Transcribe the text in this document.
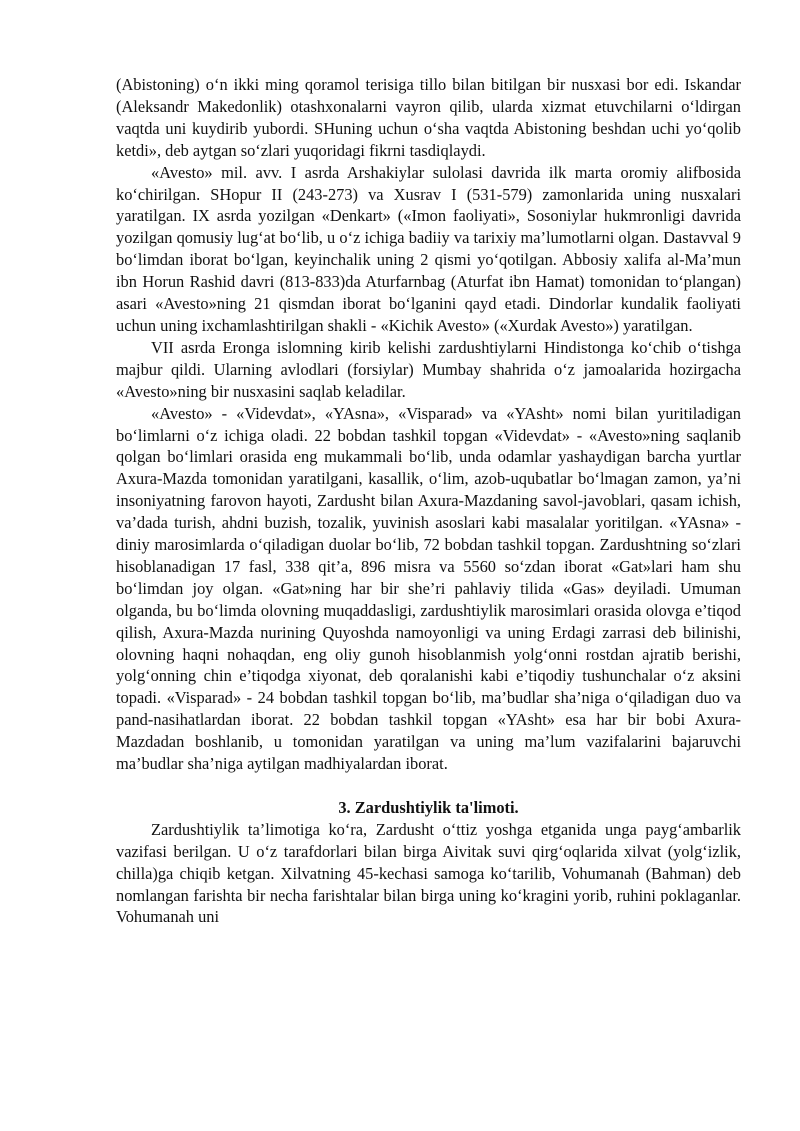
(Abistoning) o‘n ikki ming qoramol terisiga tillo bilan bitilgan bir nusxasi bor edi. Iskandar (Aleksandr Makedonlik) otashxonalarni vayron qilib, ularda xizmat etuvchilarni o‘ldirgan vaqtda uni kuydirib yubordi. SHuning uchun o‘sha vaqtda Abistoning beshdan uchi yo‘qolib ketdi», deb aytgan so‘zlari yuqoridagi fikrni tasdiqlaydi.

«Avesto» mil. avv. I asrda Arshakiylar sulolasi davrida ilk marta oromiy alifbosida ko‘chirilgan. SHopur II (243-273) va Xusrav I (531-579) zamonlarida uning nusxalari yaratilgan. IX asrda yozilgan «Denkart» («Imon faoliyati», Sosoniylar hukmronligi davrida yozilgan qomusiy lug‘at bo‘lib, u o‘z ichiga badiiy va tarixiy ma’lumotlarni olgan. Dastavval 9 bo‘limdan iborat bo‘lgan, keyinchalik uning 2 qismi yo‘qotilgan. Abbosiy xalifa al-Ma’mun ibn Horun Rashid davri (813-833)da Aturfarnbag (Aturfat ibn Hamat) tomonidan to‘plangan) asari «Avesto»ning 21 qismdan iborat bo‘lganini qayd etadi. Dindorlar kundalik faoliyati uchun uning ixchamlashtirilgan shakli - «Kichik Avesto» («Xurdak Avesto») yaratilgan.

VII asrda Eronga islomning kirib kelishi zardushtiylarni Hindistonga ko‘chib o‘tishga majbur qildi. Ularning avlodlari (forsiylar) Mumbay shahrida o‘z jamoalarida hozirgacha «Avesto»ning bir nusxasini saqlab keladilar.

«Avesto» - «Videvdat», «YAsna», «Visparad» va «YAsht» nomi bilan yuritiladigan bo‘limlarni o‘z ichiga oladi. 22 bobdan tashkil topgan «Videvdat» - «Avesto»ning saqlanib qolgan bo‘limlari orasida eng mukammali bo‘lib, unda odamlar yashaydigan barcha yurtlar Axura-Mazda tomonidan yaratilgani, kasallik, o‘lim, azob-uqubatlar bo‘lmagan zamon, ya’ni insoniyatning farovon hayoti, Zardusht bilan Axura-Mazdaning savol-javoblari, qasam ichish, va’dada turish, ahdni buzish, tozalik, yuvinish asoslari kabi masalalar yoritilgan. «YAsna» - diniy marosimlarda o‘qiladigan duolar bo‘lib, 72 bobdan tashkil topgan. Zardushtning so‘zlari hisoblanadigan 17 fasl, 338 qit’a, 896 misra va 5560 so‘zdan iborat «Gat»lari ham shu bo‘limdan joy olgan. «Gat»ning har bir she’ri pahlaviy tilida «Gas» deyiladi. Umuman olganda, bu bo‘limda olovning muqaddasligi, zardushtiylik marosimlari orasida olovga e’tiqod qilish, Axura-Mazda nurining Quyoshda namoyonligi va uning Erdagi zarrasi deb bilinishi, olovning haqni nohaqdan, eng oliy gunoh hisoblanmish yolg‘onni rostdan ajratib berishi, yolg‘onning chin e’tiqodga xiyonat, deb qoralanishi kabi e’tiqodiy tushunchalar o‘z aksini topadi. «Visparad» - 24 bobdan tashkil topgan bo‘lib, ma’budlar sha’niga o‘qiladigan duo va pand-nasihatlardan iborat. 22 bobdan tashkil topgan «YAsht» esa har bir bobi Axura-Mazdadan boshlanib, u tomonidan yaratilgan va uning ma’lum vazifalarini bajaruvchi ma’budlar sha’niga aytilgan madhiyalardan iborat.

3. Zardushtiylik ta'limoti.

Zardushtiylik ta’limotiga ko‘ra, Zardusht o‘ttiz yoshga etganida unga payg‘ambarlik vazifasi berilgan. U o‘z tarafdorlari bilan birga Aivitak suvi qirg‘oqlarida xilvat (yolg‘izlik, chilla)ga chiqib ketgan. Xilvatning 45-kechasi samoga ko‘tarilib, Vohumanah (Bahman) deb nomlangan farishta bir necha farishtalar bilan birga uning ko‘kragini yorib, ruhini poklaganlar. Vohumanah uni
